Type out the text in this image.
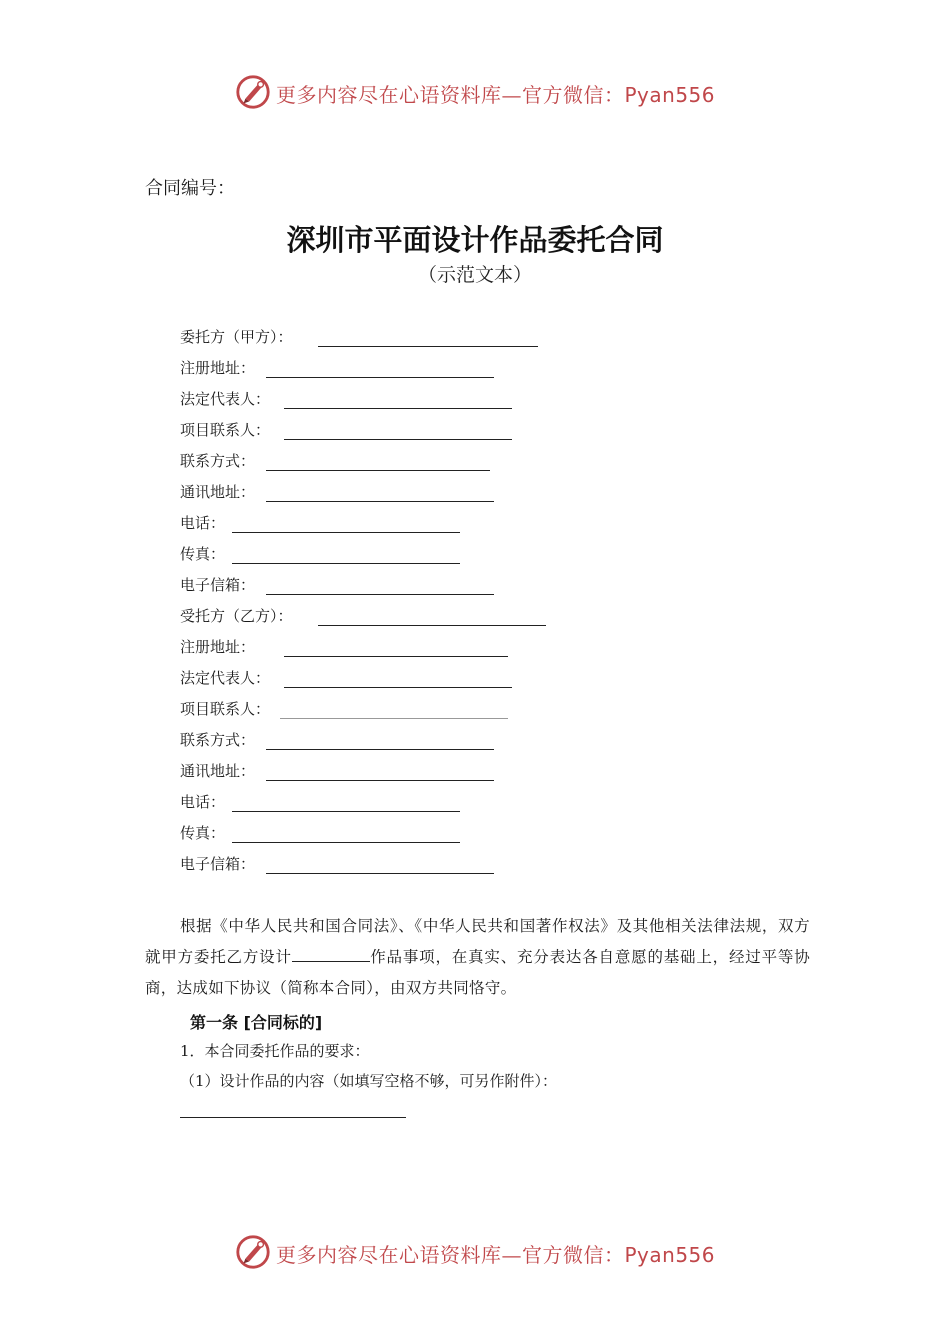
更多内容尽在心语资料库—官方微信：Pyan556
合同编号：
深圳市平面设计作品委托合同
（示范文本）
委托方（甲方）：
注册地址：
法定代表人：
项目联系人：
联系方式：
通讯地址：
电话：
传真：
电子信箱：
受托方（乙方）：
注册地址：
法定代表人：
项目联系人：
联系方式：
通讯地址：
电话：
传真：
电子信箱：
根据《中华人民共和国合同法》、《中华人民共和国著作权法》及其他相关法律法规，双方就甲方委托乙方设计	作品事项，在真实、充分表达各自意愿的基础上，经过平等协商，达成如下协议（简称本合同），由双方共同恪守。
第一条 [合同标的]
1．本合同委托作品的要求：
（1）设计作品的内容（如填写空格不够，可另作附件）：
更多内容尽在心语资料库—官方微信：Pyan556
